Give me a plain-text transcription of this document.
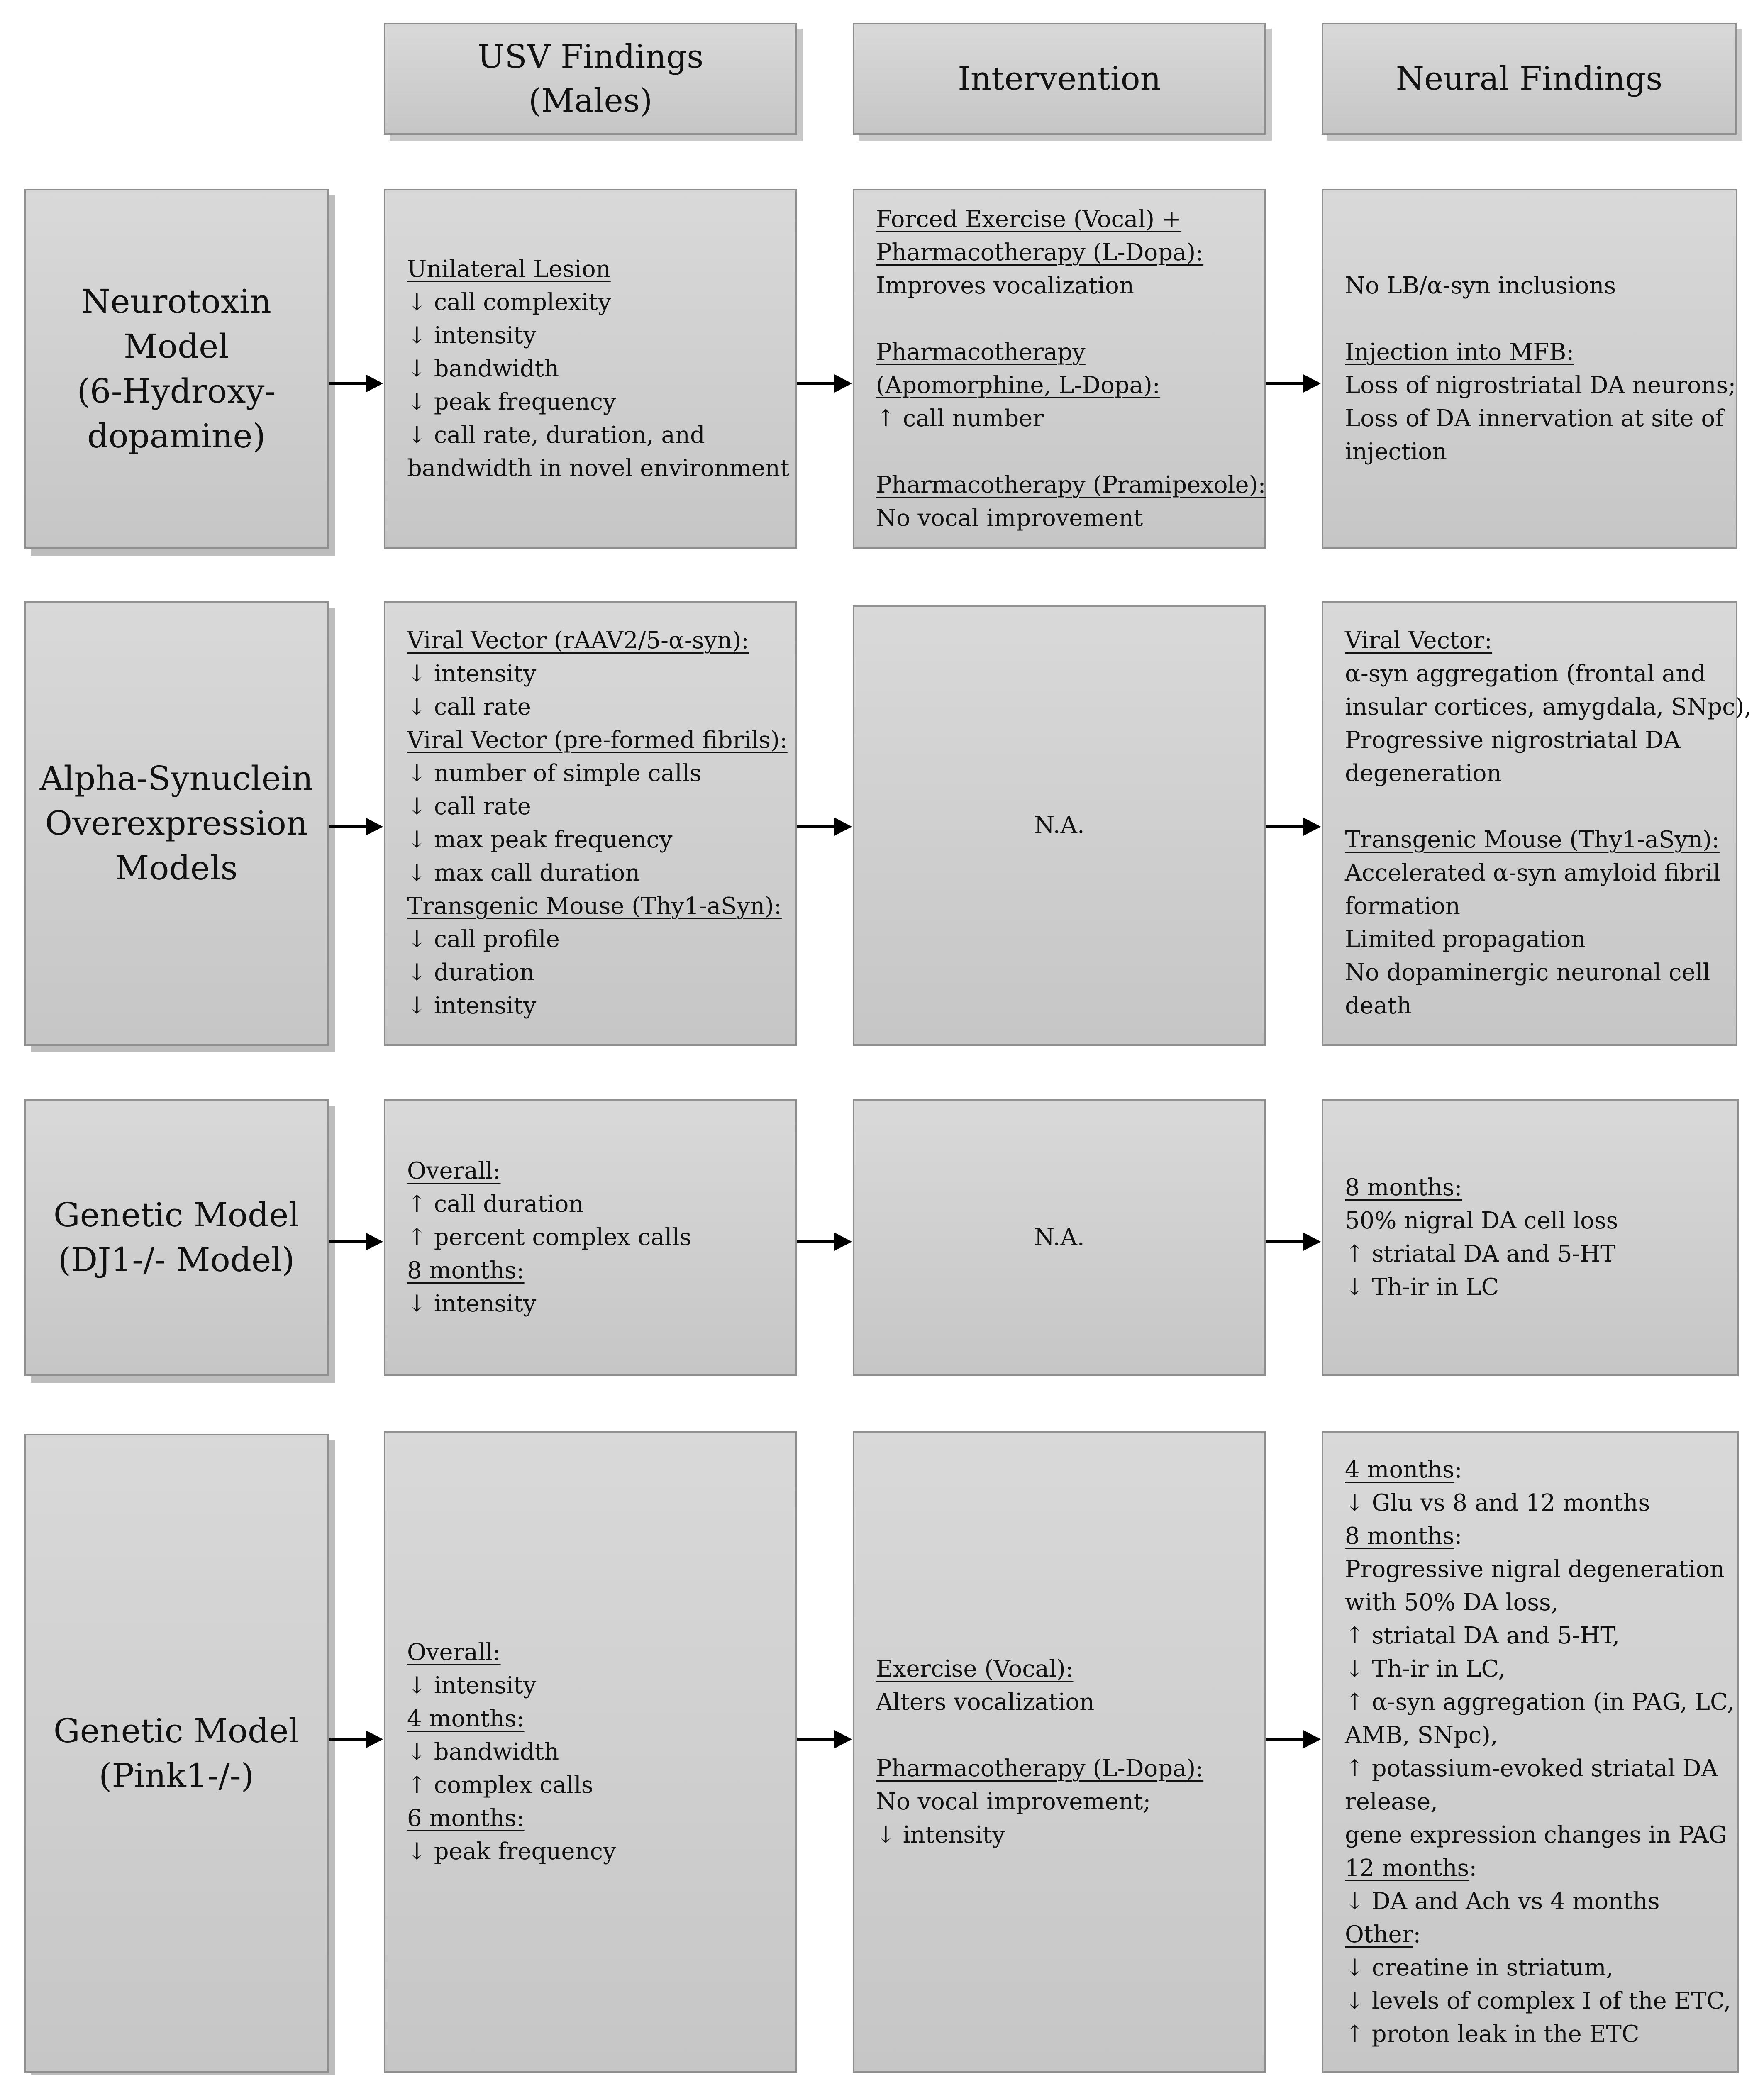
USV Findings
(Males)
Intervention	Neural Findings
Neurotoxin
Model
(6-Hydroxy-
dopamine)
Unilateral Lesion
↓ call complexity
↓ intensity
↓ bandwidth
↓ peak frequency
↓ call rate, duration, and
bandwidth in novel environment
Forced Exercise (Vocal) +
Pharmacotherapy (L-Dopa):
Improves vocalization
Pharmacotherapy
(Apomorphine, L-Dopa):
↑ call number
Pharmacotherapy (Pramipexole):
No vocal improvement
No LB/α-syn inclusions
Injection into MFB:
Loss of nigrostriatal DA neurons;
Loss of DA innervation at site of
injection
Alpha-Synuclein
Overexpression
Models
Viral Vector (rAAV2/5-α-syn):
↓ intensity
↓ call rate
Viral Vector (pre-formed fibrils):
↓ number of simple calls
↓ call rate
↓ max peak frequency
↓ max call duration
Transgenic Mouse (Thy1-aSyn):
↓ call profile
↓ duration
↓ intensity
N.A.
Viral Vector:
α-syn aggregation (frontal and
insular cortices, amygdala, SNpc),
Progressive nigrostriatal DA
degeneration
Transgenic Mouse (Thy1-aSyn):
Accelerated α-syn amyloid fibril
formation
Limited propagation
No dopaminergic neuronal cell
death
Genetic Model
(DJ1-/- Model)
Overall:
↑ call duration
↑ percent complex calls
8 months:
↓ intensity
N.A.
8 months:
50% nigral DA cell loss
↑ striatal DA and 5-HT
↓ Th-ir in LC
Genetic Model
(Pink1-/-)
Overall:
↓ intensity
4 months:
↓ bandwidth
↑ complex calls
6 months:
↓ peak frequency
Exercise (Vocal):
Alters vocalization
Pharmacotherapy (L-Dopa):
No vocal improvement;
↓ intensity
4 months:
↓ Glu vs 8 and 12 months
8 months:
Progressive nigral degeneration
with 50% DA loss,
↑ striatal DA and 5-HT,
↓ Th-ir in LC,
↑ α-syn aggregation (in PAG, LC,
AMB, SNpc),
↑ potassium-evoked striatal DA
release,
gene expression changes in PAG
12 months:
↓ DA and Ach vs 4 months
Other:
↓ creatine in striatum,
↓ levels of complex I of the ETC,
↑ proton leak in the ETC
